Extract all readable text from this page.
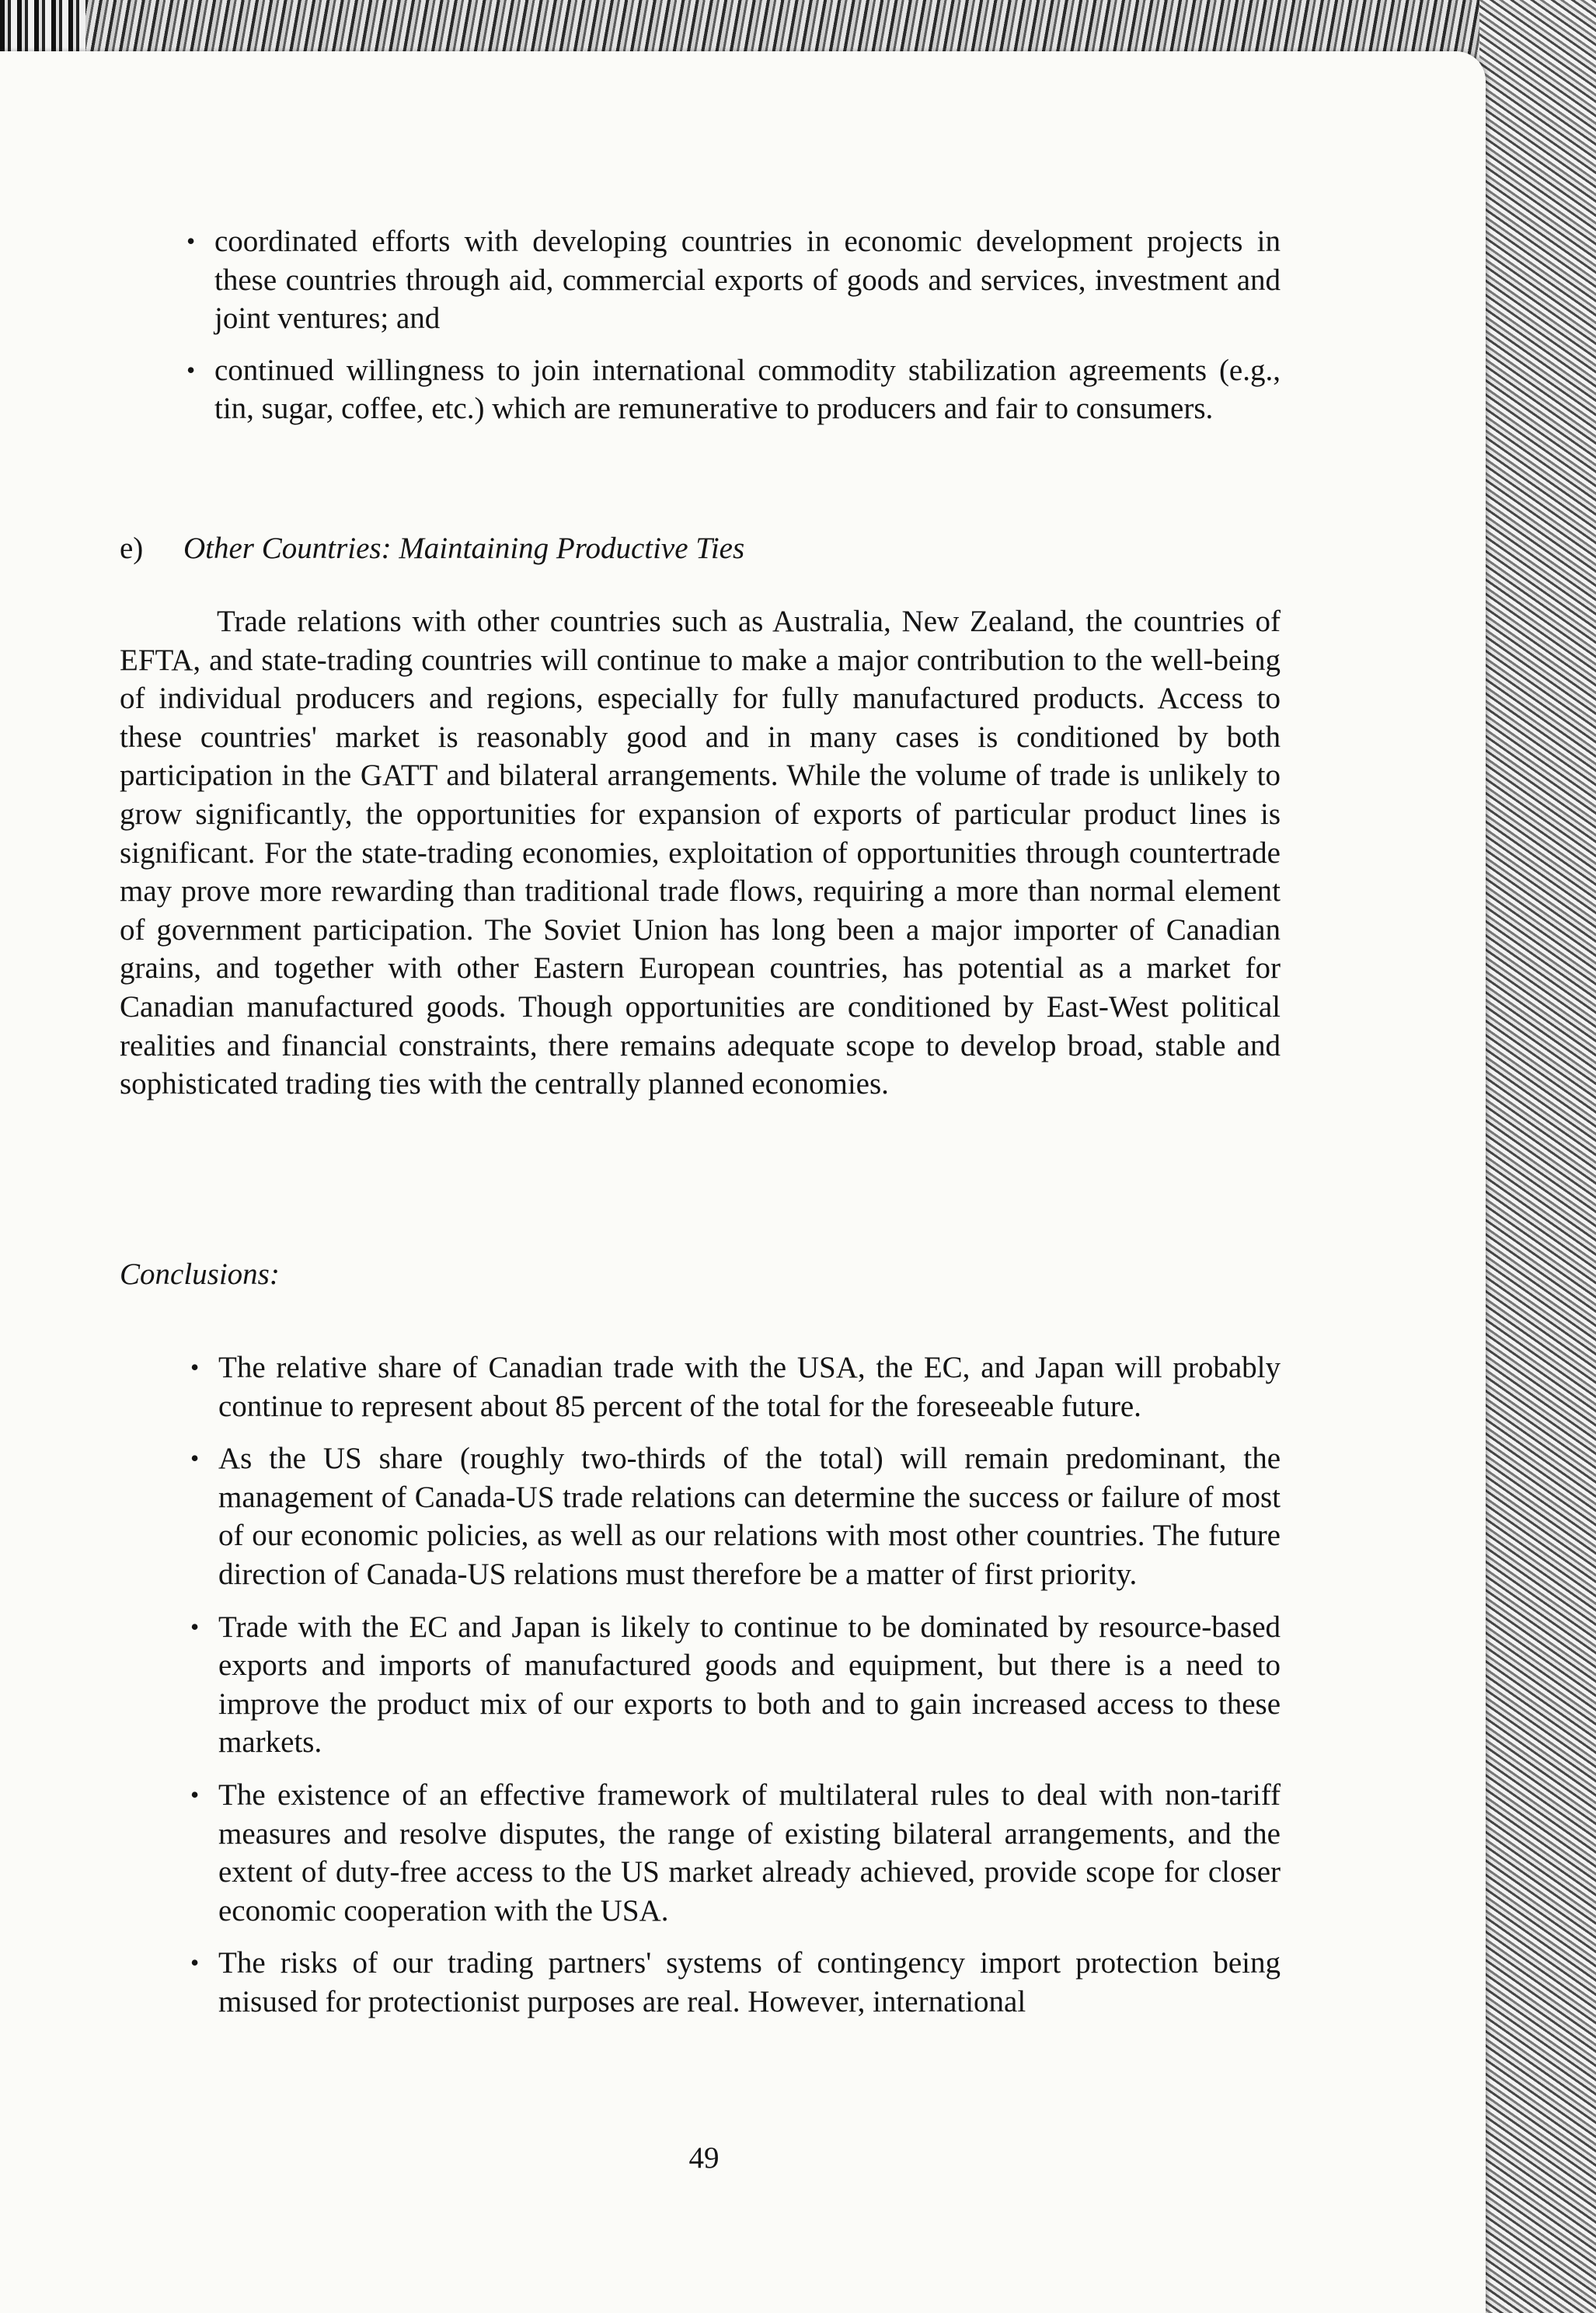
• coordinated efforts with developing countries in economic development projects in these countries through aid, commercial exports of goods and services, investment and joint ventures; and
• continued willingness to join international commodity stabilization agreements (e.g., tin, sugar, coffee, etc.) which are remunerative to producers and fair to consumers.
e) Other Countries: Maintaining Productive Ties
Trade relations with other countries such as Australia, New Zealand, the countries of EFTA, and state-trading countries will continue to make a major contribution to the well-being of individual producers and regions, especially for fully manufactured products. Access to these countries' market is reasonably good and in many cases is conditioned by both participation in the GATT and bilateral arrangements. While the volume of trade is unlikely to grow significantly, the opportunities for expansion of exports of particular product lines is significant. For the state-trading economies, exploitation of opportunities through countertrade may prove more rewarding than traditional trade flows, requiring a more than normal element of government participation. The Soviet Union has long been a major importer of Canadian grains, and together with other Eastern European countries, has potential as a market for Canadian manufactured goods. Though opportunities are conditioned by East-West political realities and financial constraints, there remains adequate scope to develop broad, stable and sophisticated trading ties with the centrally planned economies.
Conclusions:
• The relative share of Canadian trade with the USA, the EC, and Japan will probably continue to represent about 85 percent of the total for the foreseeable future.
• As the US share (roughly two-thirds of the total) will remain predominant, the management of Canada-US trade relations can determine the success or failure of most of our economic policies, as well as our relations with most other countries. The future direction of Canada-US relations must therefore be a matter of first priority.
• Trade with the EC and Japan is likely to continue to be dominated by resource-based exports and imports of manufactured goods and equipment, but there is a need to improve the product mix of our exports to both and to gain increased access to these markets.
• The existence of an effective framework of multilateral rules to deal with non-tariff measures and resolve disputes, the range of existing bilateral arrangements, and the extent of duty-free access to the US market already achieved, provide scope for closer economic cooperation with the USA.
• The risks of our trading partners' systems of contingency import protection being misused for protectionist purposes are real. However, international
49
